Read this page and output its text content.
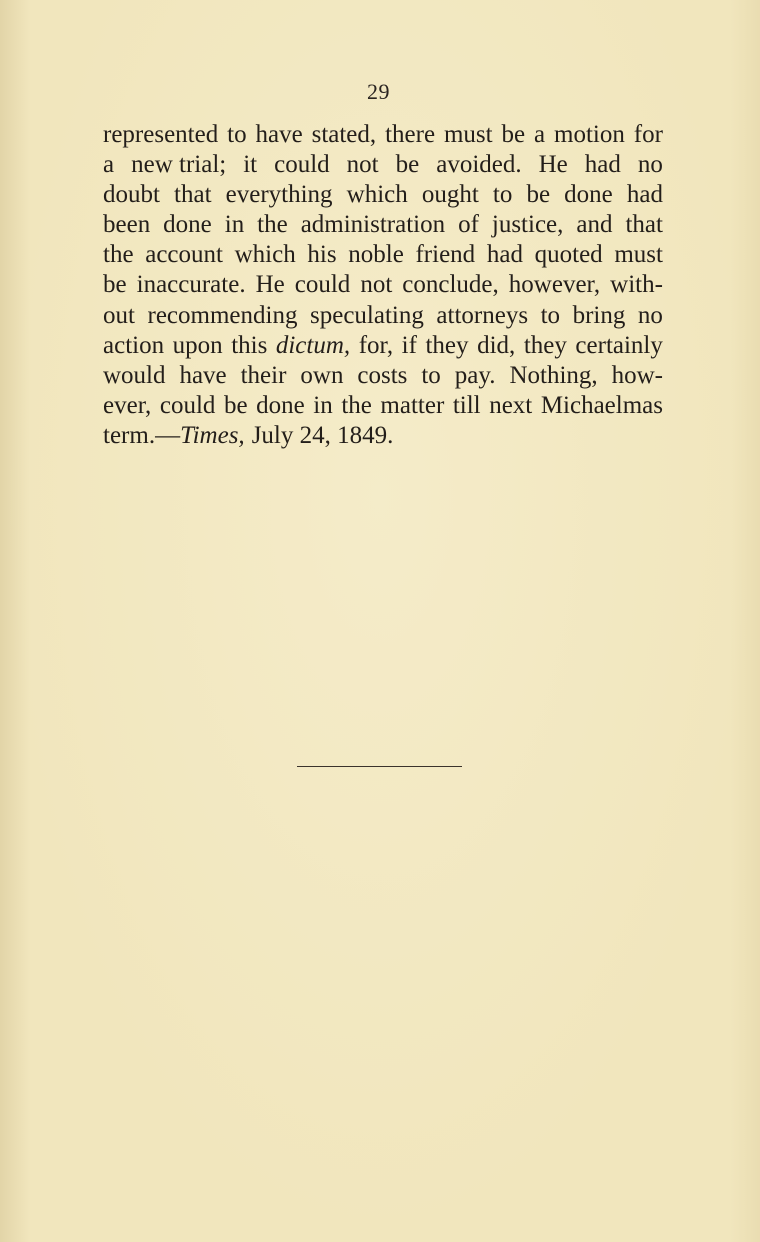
29
represented to have stated, there must be a motion for
a new trial; it could not be avoided. He had no
doubt that everything which ought to be done had
been done in the administration of justice, and that
the account which his noble friend had quoted must
be inaccurate. He could not conclude, however, with-
out recommending speculating attorneys to bring no
action upon this dictum, for, if they did, they certainly
would have their own costs to pay. Nothing, how-
ever, could be done in the matter till next Michaelmas
term.— Times, July 24, 1849.
